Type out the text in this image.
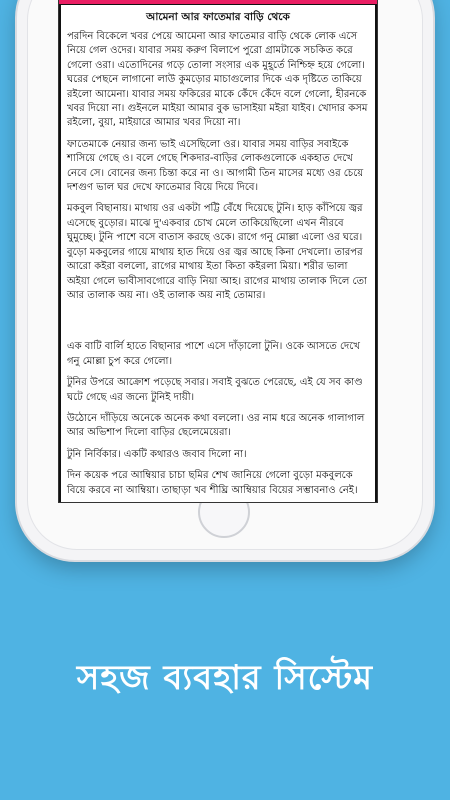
আমেনা আর ফাতেমার বাড়ি থেকে

পরদিন বিকেলে খবর পেয়ে আমেনা আর ফাতেমার বাড়ি থেকে লোক এসে নিয়ে গেল ওদের। যাবার সময় করুণ বিলাপে পুরো গ্রামটাকে সচকিত করে গেলো ওরা। এতোদিনের গড়ে তোলা সংসার এক মুহূর্তে নিশ্চিহ্ন হয়ে গেলো। ঘরের পেছনে লাগানো লাউ কুমড়োর মাচাগুলোর দিকে এক দৃষ্টিতে তাকিয়ে রইলো আমেনা। যাবার সময় ফকিরের মাকে কেঁদে কেঁদে বলে গেলো, হীরনকে খবর দিয়ো না। গুইনলে মাইয়া আমার বুক ভাসাইয়া মইরা যাইব। খোদার কসম রইলো, বুয়া, মাইয়ারে আমার খবর দিয়ো না।

ফাতেমাকে নেয়ার জন্য ভাই এসেছিলো ওর। যাবার সময় বাড়ির সবাইকে শাসিয়ে গেছে ও। বলে গেছে শিকদার-বাড়ির লোকগুলোকে একহাত দেখে নেবে সে। বোনের জন্য চিন্তা করে না ও। আগামী তিন মাসের মধ্যে ওর চেয়ে দশগুণ ভাল ঘর দেখে ফাতেমার বিয়ে দিয়ে দিবে।

মকবুল বিছানায়। মাথায় ওর একটা পট্টি বেঁধে দিয়েছে টুনি। হাড় কাঁপিয়ে জ্বর এসেছে বুড়োর। মাঝে দু'একবার চোখ মেলে তাকিয়েছিলো এখন নীরবে ঘুমুচ্ছে। টুনি পাশে বসে বাতাস করছে ওকে। রাগে গনু মোল্লা এলো ওর ঘরে। বুড়ো মকবুলের গায়ে মাথায় হাত দিয়ে ওর জ্বর আছে কিনা দেখলো। তারপর আরো কইরা বললো, রাগের মাথায় ইতা কিতা কইরলা মিয়া। শরীর ভালা অইয়া গেলে ভাবীসাবগোরে বাড়ি নিয়া আহ। রাগের মাথায় তালাক দিলে তো আর তালাক অয় না। ওই তালাক অয় নাই তোমার।

এক বাটি বার্লি হাতে বিছানার পাশে এসে দাঁড়ালো টুনি। ওকে আসতে দেখে গনু মোল্লা চুপ করে গেলো।

টুনির উপরে আক্রোশ পড়েছে সবার। সবাই বুঝতে পেরেছে, এই যে সব কাণ্ড ঘটে গেছে এর জন্যে টুনিই দায়ী।

উঠোনে দাঁড়িয়ে অনেকে অনেক কথা বললো। ওর নাম ধরে অনেক গালাগাল আর অভিশাপ দিলো বাড়ির ছেলেমেয়েরা।

টুনি নির্বিকার। একটি কথারও জবাব দিলো না।

দিন কয়েক পরে আম্বিয়ার চাচা ছমির শেখ জানিয়ে গেলো বুড়ো মকবুলকে বিয়ে করবে না আম্বিয়া। তাছাড়া খব শীঘ্রি আম্বিয়ার বিয়ের সম্ভাবনাও নেই।

সহজ ব্যবহার সিস্টেম
